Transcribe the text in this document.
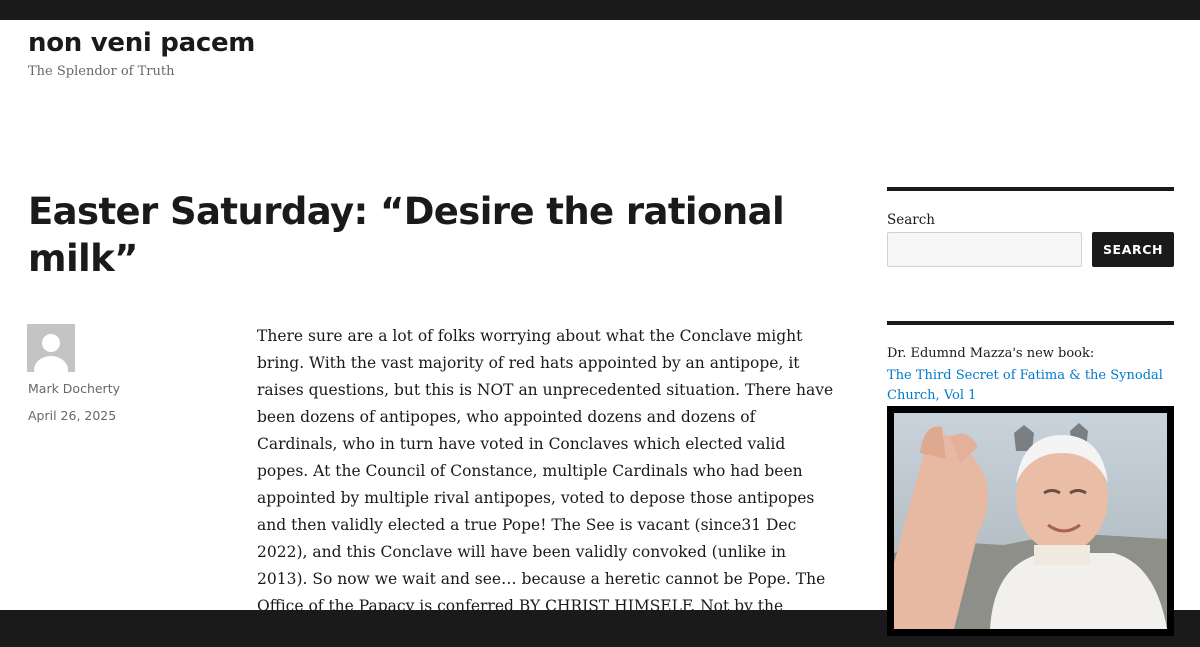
non veni pacem
The Splendor of Truth
Easter Saturday: “Desire the rational milk”
Mark Docherty
April 26, 2025

There sure are a lot of folks worrying about what the Conclave might bring. With the vast majority of red hats appointed by an antipope, it raises questions, but this is NOT an unprecedented situation. There have been dozens of antipopes, who appointed dozens and dozens of Cardinals, who in turn have voted in Conclaves which elected valid popes. At the Council of Constance, multiple Cardinals who had been appointed by multiple rival antipopes, voted to depose those antipopes and then validly elected a true Pope! The See is vacant (since31 Dec 2022), and this Conclave will have been validly convoked (unlike in 2013). So now we wait and see… because a heretic cannot be Pope. The Office of the Papacy is conferred BY CHRIST HIMSELF. Not by the Cardinals, not by the Church. Remember this, and

Search
SEARCH
Dr. Edumnd Mazza's new book:
The Third Secret of Fatima & the Synodal Church, Vol 1
